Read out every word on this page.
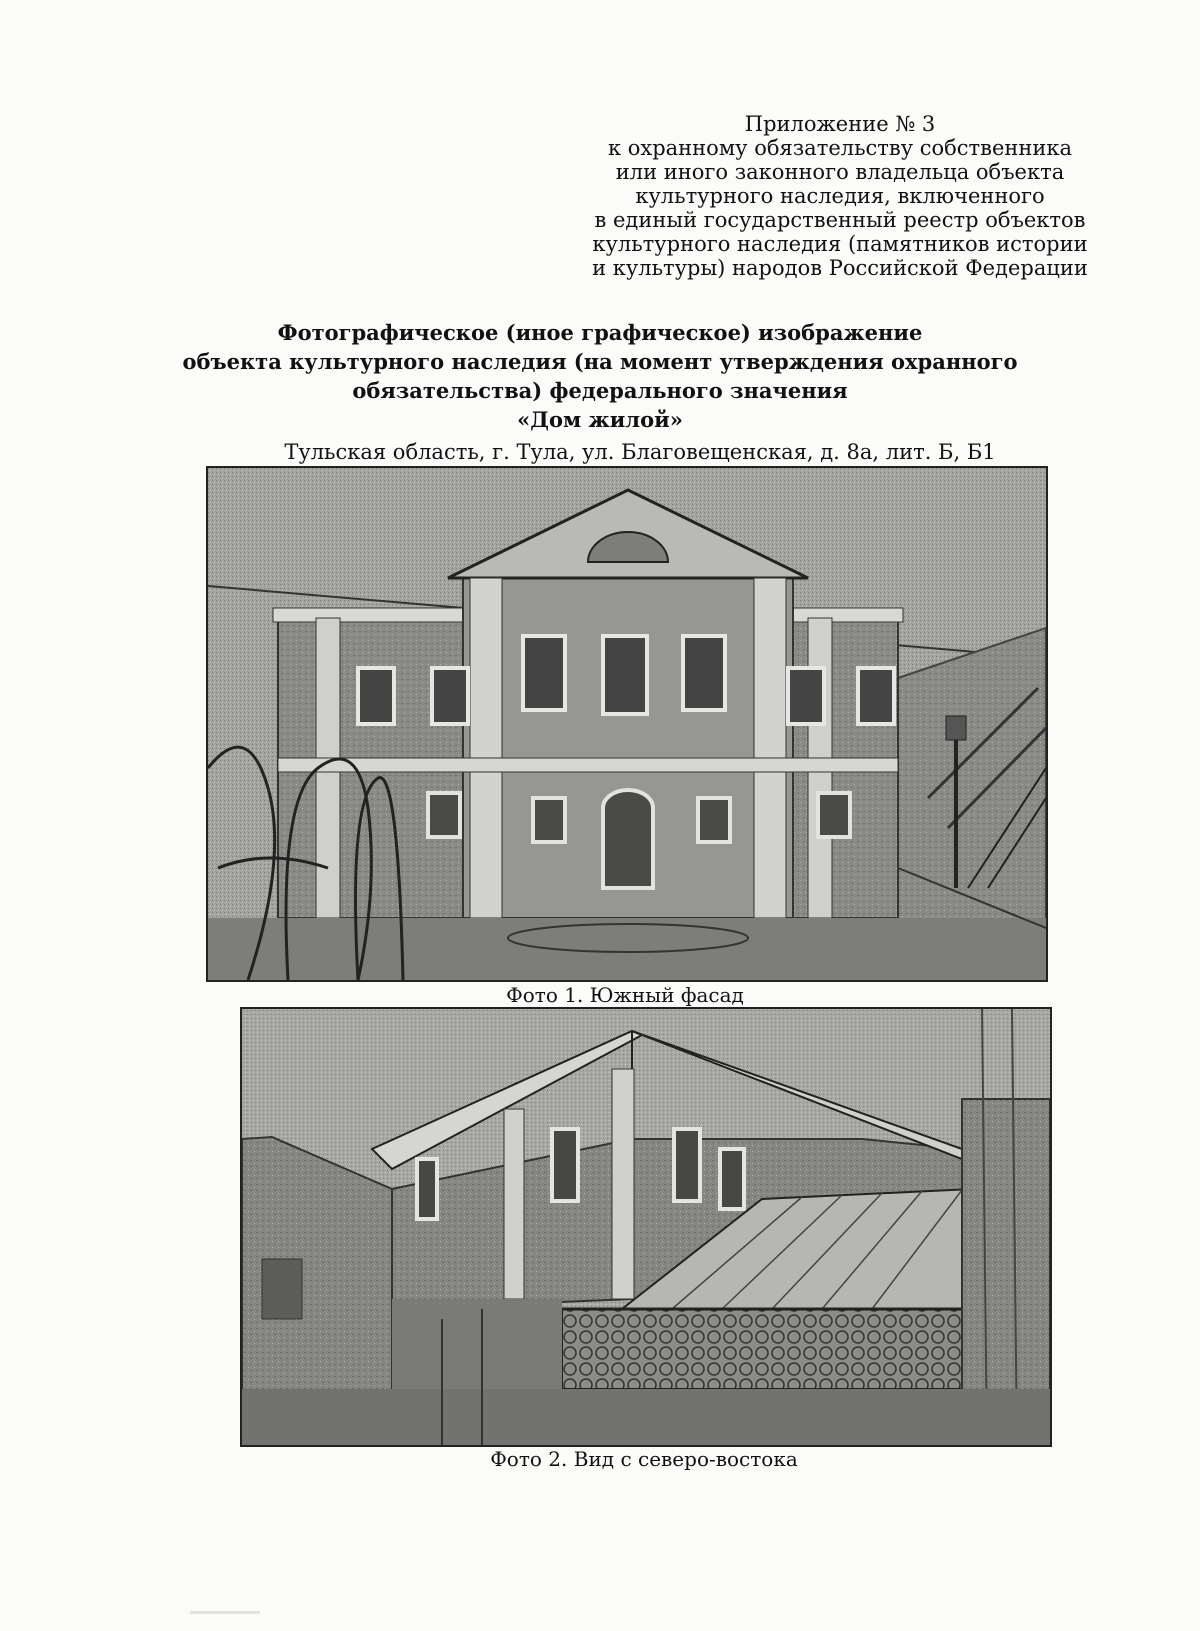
Приложение № 3
к охранному обязательству собственника
или иного законного владельца объекта
культурного наследия, включенного
в единый государственный реестр объектов
культурного наследия (памятников истории
и культуры) народов Российской Федерации
Фотографическое (иное графическое) изображение
объекта культурного наследия (на момент утверждения охранного
обязательства) федерального значения
«Дом жилой»
Тульская область, г. Тула, ул. Благовещенская, д. 8а, лит. Б, Б1
Фото 1. Южный фасад
Фото 2. Вид с северо-востока
